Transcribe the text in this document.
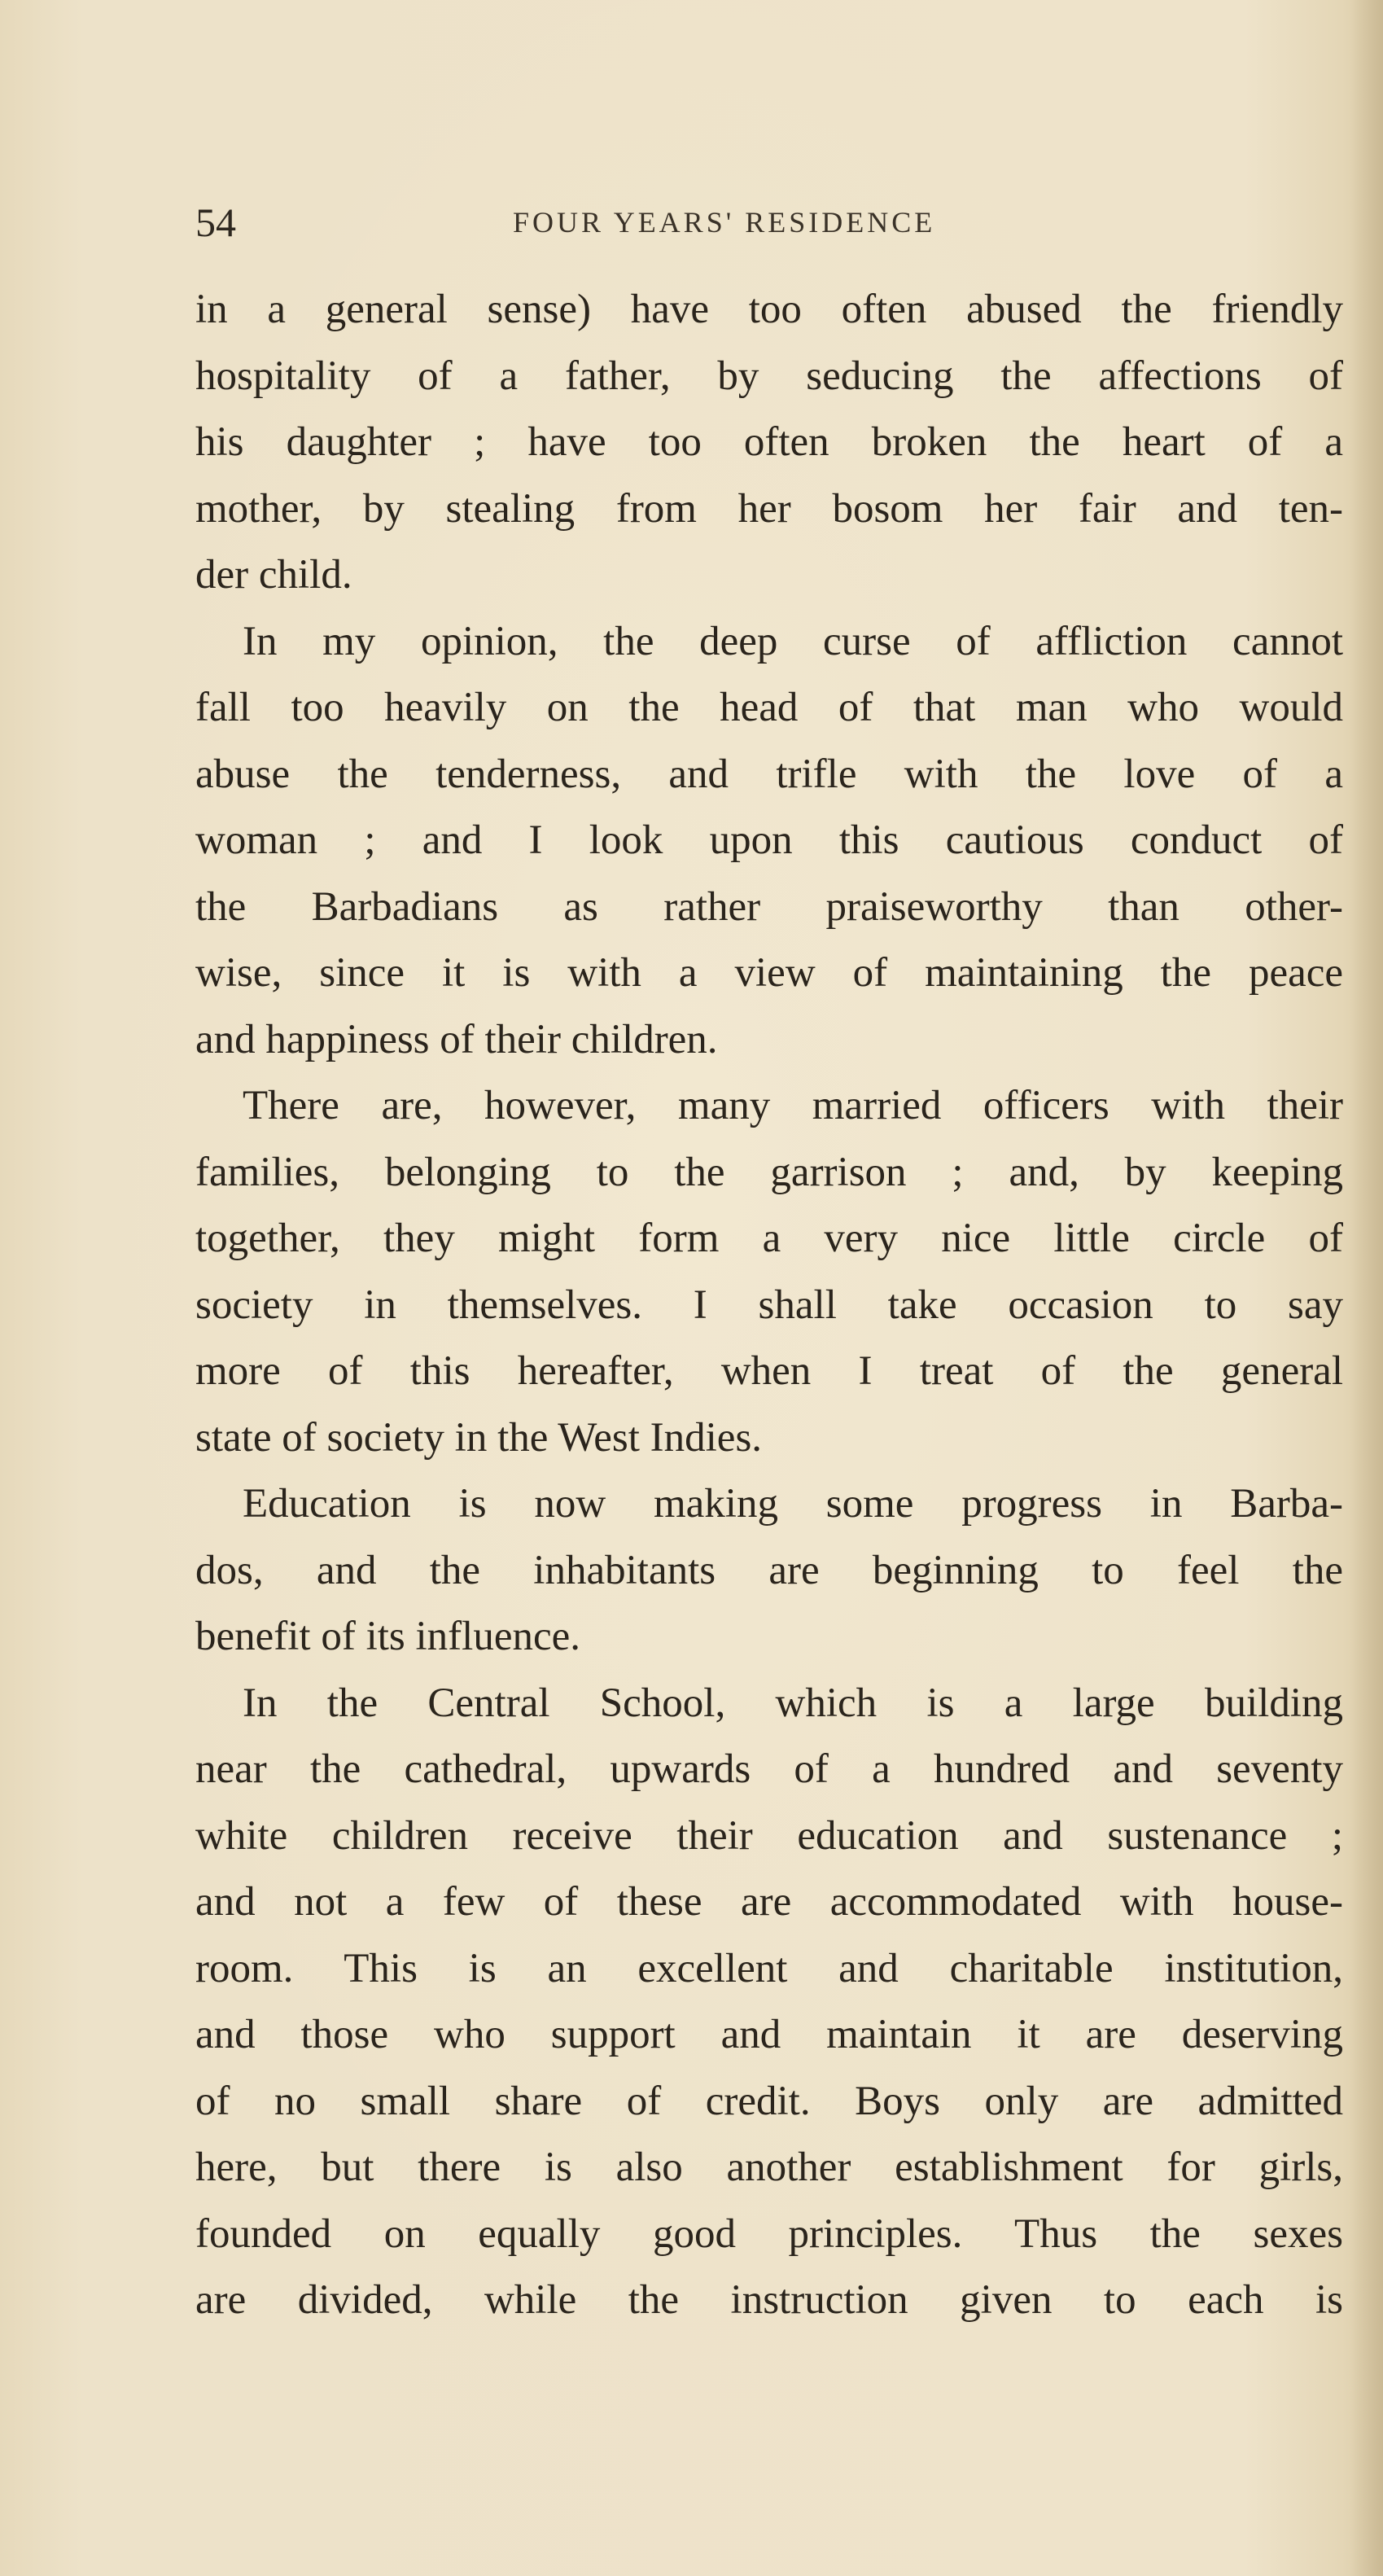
54	FOUR YEARS' RESIDENCE
in a general sense) have too often abused the friendly
hospitality of a father, by seducing the affections of
his daughter ; have too often broken the heart of a
mother, by stealing from her bosom her fair and ten-
der child.
In my opinion, the deep curse of affliction cannot
fall too heavily on the head of that man who would
abuse the tenderness, and trifle with the love of a
woman ; and I look upon this cautious conduct of
the Barbadians as rather praiseworthy than other-
wise, since it is with a view of maintaining the peace
and happiness of their children.
There are, however, many married officers with their
families, belonging to the garrison ; and, by keeping
together, they might form a very nice little circle of
society in themselves. I shall take occasion to say
more of this hereafter, when I treat of the general
state of society in the West Indies.
Education is now making some progress in Barba-
dos, and the inhabitants are beginning to feel the
benefit of its influence.
In the Central School, which is a large building
near the cathedral, upwards of a hundred and seventy
white children receive their education and sustenance ;
and not a few of these are accommodated with house-
room. This is an excellent and charitable institution,
and those who support and maintain it are deserving
of no small share of credit. Boys only are admitted
here, but there is also another establishment for girls,
founded on equally good principles. Thus the sexes
are divided, while the instruction given to each is
